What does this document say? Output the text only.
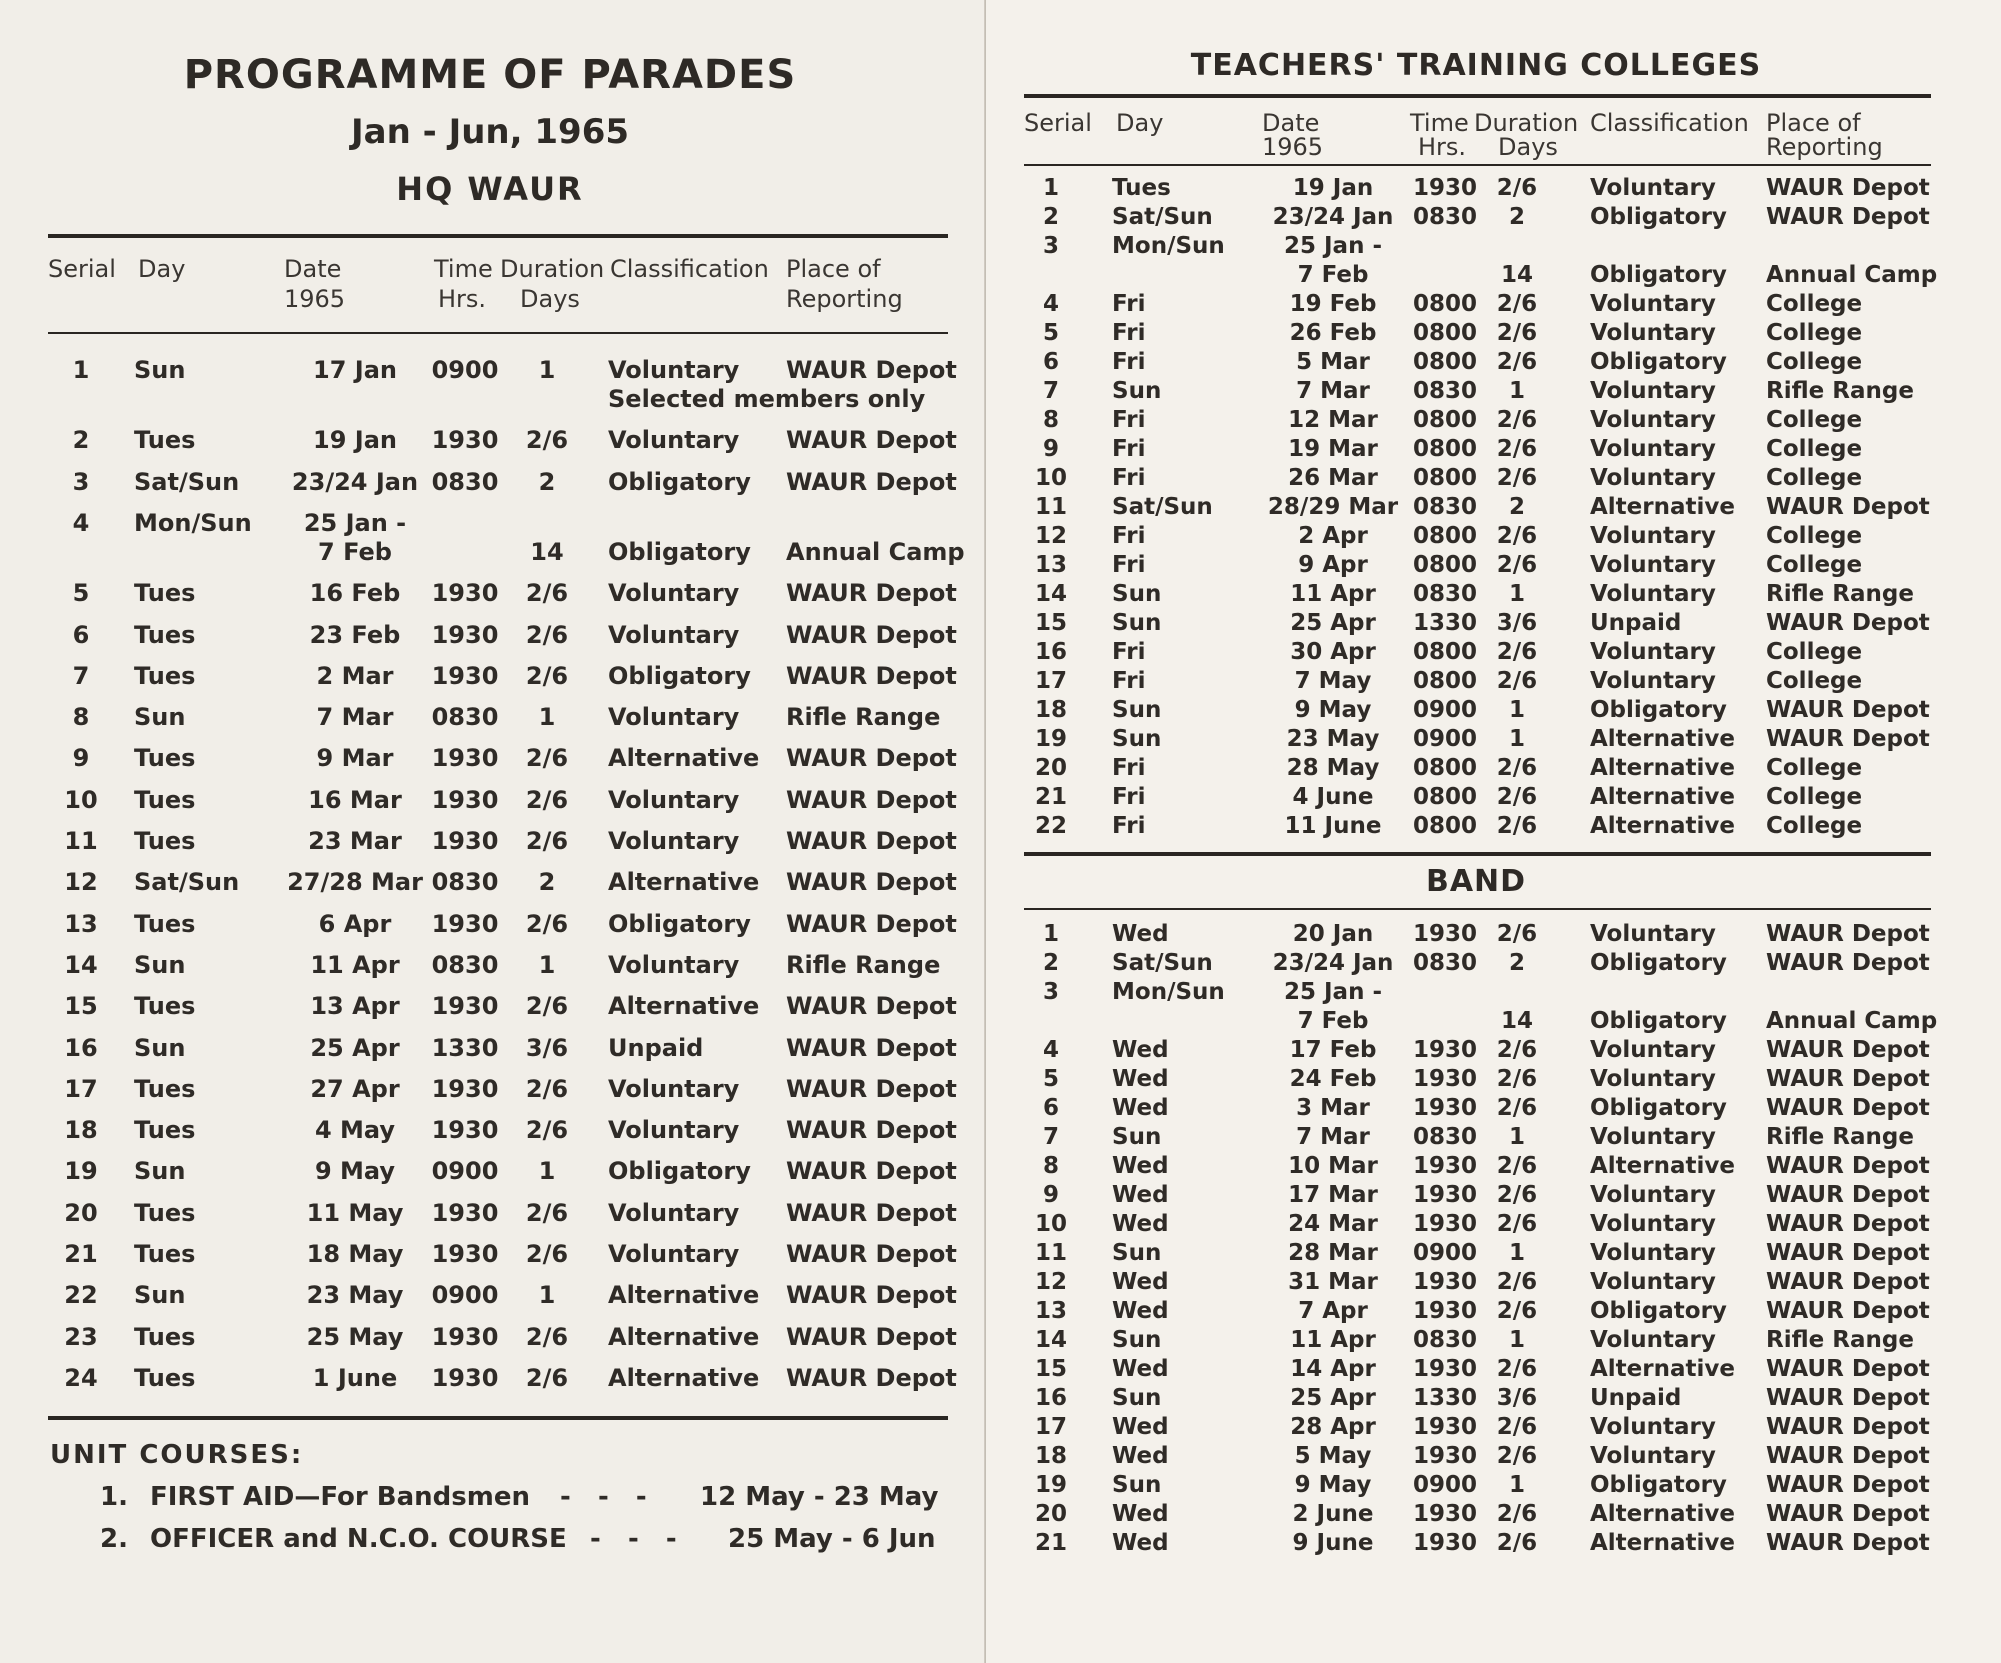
PROGRAMME OF PARADES
Jan - Jun, 1965
HQ WAUR
Serial Day	Date
1965
Time
Hrs.
Duration
Days
Classification Place of
Reporting
1	Sun	17 Jan	0900	1	Voluntary WAUR Depot
Selected members only
2	Tues	19 Jan	1930	2/6	Voluntary WAUR Depot
3	Sat/Sun	23/24 Jan 0830	2	Obligatory WAUR Depot
4	Mon/Sun	25 Jan -
7 Feb	14	Obligatory Annual Camp
5	Tues	16 Feb	1930	2/6	Voluntary WAUR Depot
6	Tues	23 Feb	1930	2/6	Voluntary WAUR Depot
7	Tues	2 Mar	1930	2/6	Obligatory WAUR Depot
8	Sun	7 Mar	0830	1	Voluntary Rifle Range
9	Tues	9 Mar	1930	2/6	Alternative WAUR Depot
10	Tues	16 Mar	1930	2/6	Voluntary WAUR Depot
11	Tues	23 Mar	1930	2/6	Voluntary WAUR Depot
12	Sat/Sun 27/28 Mar 0830	2	Alternative WAUR Depot
13	Tues	6 Apr	1930	2/6	Obligatory WAUR Depot
14	Sun	11 Apr	0830	1	Voluntary Rifle Range
15	Tues	13 Apr	1930	2/6	Alternative WAUR Depot
16	Sun	25 Apr	1330	3/6	Unpaid	WAUR Depot
17	Tues	27 Apr	1930	2/6	Voluntary WAUR Depot
18	Tues	4 May	1930	2/6	Voluntary WAUR Depot
19	Sun	9 May	0900	1	Obligatory WAUR Depot
20	Tues	11 May	1930	2/6	Voluntary WAUR Depot
21	Tues	18 May	1930	2/6	Voluntary WAUR Depot
22	Sun	23 May	0900	1	Alternative WAUR Depot
23	Tues	25 May	1930	2/6	Alternative WAUR Depot
24	Tues	1 June	1930	2/6	Alternative WAUR Depot
UNIT COURSES:
1. FIRST AID—For Bandsmen -   -   - 12 May - 23 May
2. OFFICER and N.C.O. COURSE -   -   - 25 May - 6 Jun
TEACHERS' TRAINING COLLEGES
Serial Day	Date
1965
Time
Hrs.
Duration
Days
Classification Place of
Reporting
1	Tues	19 Jan	1930 2/6	Voluntary WAUR Depot
2	Sat/Sun	23/24 Jan 0830	2	Obligatory WAUR Depot
3	Mon/Sun	25 Jan -
7 Feb	14	Obligatory Annual Camp
4	Fri	19 Feb	0800 2/6	Voluntary College
5	Fri	26 Feb	0800 2/6	Voluntary College
6	Fri	5 Mar	0800 2/6	Obligatory College
7	Sun	7 Mar	0830	1	Voluntary Rifle Range
8	Fri	12 Mar	0800 2/6	Voluntary College
9	Fri	19 Mar	0800 2/6	Voluntary College
10	Fri	26 Mar	0800 2/6	Voluntary College
11	Sat/Sun	28/29 Mar 0830	2	Alternative WAUR Depot
12	Fri	2 Apr	0800 2/6	Voluntary College
13	Fri	9 Apr	0800 2/6	Voluntary College
14	Sun	11 Apr	0830	1	Voluntary Rifle Range
15	Sun	25 Apr	1330 3/6	Unpaid	WAUR Depot
16	Fri	30 Apr	0800 2/6	Voluntary College
17	Fri	7 May	0800 2/6	Voluntary College
18	Sun	9 May	0900	1	Obligatory WAUR Depot
19	Sun	23 May	0900	1	Alternative WAUR Depot
20	Fri	28 May	0800 2/6	Alternative College
21	Fri	4 June	0800 2/6	Alternative College
22	Fri	11 June	0800 2/6	Alternative College
BAND
1	Wed	20 Jan	1930 2/6	Voluntary WAUR Depot
2	Sat/Sun	23/24 Jan 0830	2	Obligatory WAUR Depot
3	Mon/Sun	25 Jan -
7 Feb	14	Obligatory Annual Camp
4	Wed	17 Feb	1930 2/6	Voluntary WAUR Depot
5	Wed	24 Feb	1930 2/6	Voluntary WAUR Depot
6	Wed	3 Mar	1930 2/6	Obligatory WAUR Depot
7	Sun	7 Mar	0830	1	Voluntary Rifle Range
8	Wed	10 Mar	1930 2/6	Alternative WAUR Depot
9	Wed	17 Mar	1930 2/6	Voluntary WAUR Depot
10	Wed	24 Mar	1930 2/6	Voluntary WAUR Depot
11	Sun	28 Mar	0900	1	Voluntary WAUR Depot
12	Wed	31 Mar	1930 2/6	Voluntary WAUR Depot
13	Wed	7 Apr	1930 2/6	Obligatory WAUR Depot
14	Sun	11 Apr	0830	1	Voluntary Rifle Range
15	Wed	14 Apr	1930 2/6	Alternative WAUR Depot
16	Sun	25 Apr	1330 3/6	Unpaid	WAUR Depot
17	Wed	28 Apr	1930 2/6	Voluntary WAUR Depot
18	Wed	5 May	1930 2/6	Voluntary WAUR Depot
19	Sun	9 May	0900	1	Obligatory WAUR Depot
20	Wed	2 June	1930 2/6	Alternative WAUR Depot
21	Wed	9 June	1930 2/6	Alternative WAUR Depot
